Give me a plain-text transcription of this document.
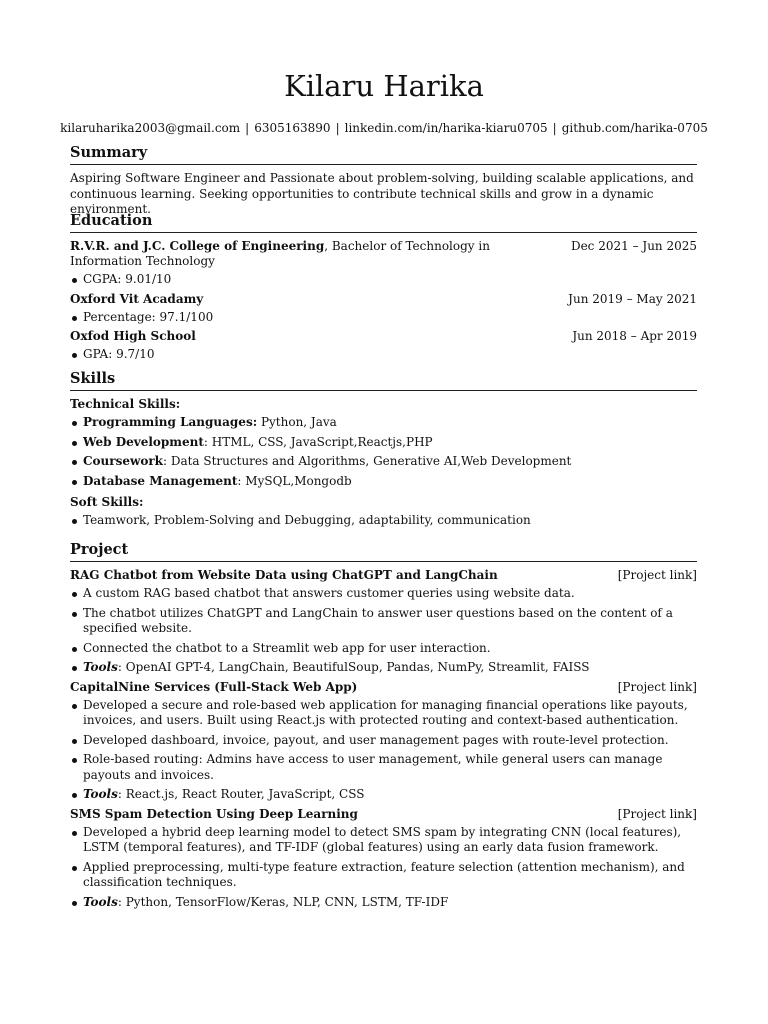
Kilaru Harika
kilaruharika2003@gmail.com | 6305163890 | linkedin.com/in/harika-kiaru0705 | github.com/harika-0705
Summary
Aspiring Software Engineer and Passionate about problem-solving, building scalable applications, and continuous learning. Seeking opportunities to contribute technical skills and grow in a dynamic environment.
Education
R.V.R. and J.C. College of Engineering, Bachelor of Technology in Information Technology
Dec 2021 – Jun 2025
CGPA: 9.01/10
Oxford Vit Acadamy	Jun 2019 – May 2021
Percentage: 97.1/100
Oxfod High School	Jun 2018 – Apr 2019
GPA: 9.7/10
Skills
Technical Skills:
Programming Languages: Python, Java
Web Development: HTML, CSS, JavaScript,Reactjs,PHP
Coursework: Data Structures and Algorithms, Generative AI,Web Development
Database Management: MySQL,Mongodb
Soft Skills:
Teamwork, Problem-Solving and Debugging, adaptability, communication
Project
RAG Chatbot from Website Data using ChatGPT and LangChain	[Project link]
A custom RAG based chatbot that answers customer queries using website data.
The chatbot utilizes ChatGPT and LangChain to answer user questions based on the content of a specified website.
Connected the chatbot to a Streamlit web app for user interaction.
Tools: OpenAI GPT-4, LangChain, BeautifulSoup, Pandas, NumPy, Streamlit, FAISS
CapitalNine Services (Full-Stack Web App)	[Project link]
Developed a secure and role-based web application for managing financial operations like payouts, invoices, and users. Built using React.js with protected routing and context-based authentication.
Developed dashboard, invoice, payout, and user management pages with route-level protection.
Role-based routing: Admins have access to user management, while general users can manage payouts and invoices.
Tools: React.js, React Router, JavaScript, CSS
SMS Spam Detection Using Deep Learning	[Project link]
Developed a hybrid deep learning model to detect SMS spam by integrating CNN (local features), LSTM (temporal features), and TF-IDF (global features) using an early data fusion framework.
Applied preprocessing, multi-type feature extraction, feature selection (attention mechanism), and classification techniques.
Tools: Python, TensorFlow/Keras, NLP, CNN, LSTM, TF-IDF
